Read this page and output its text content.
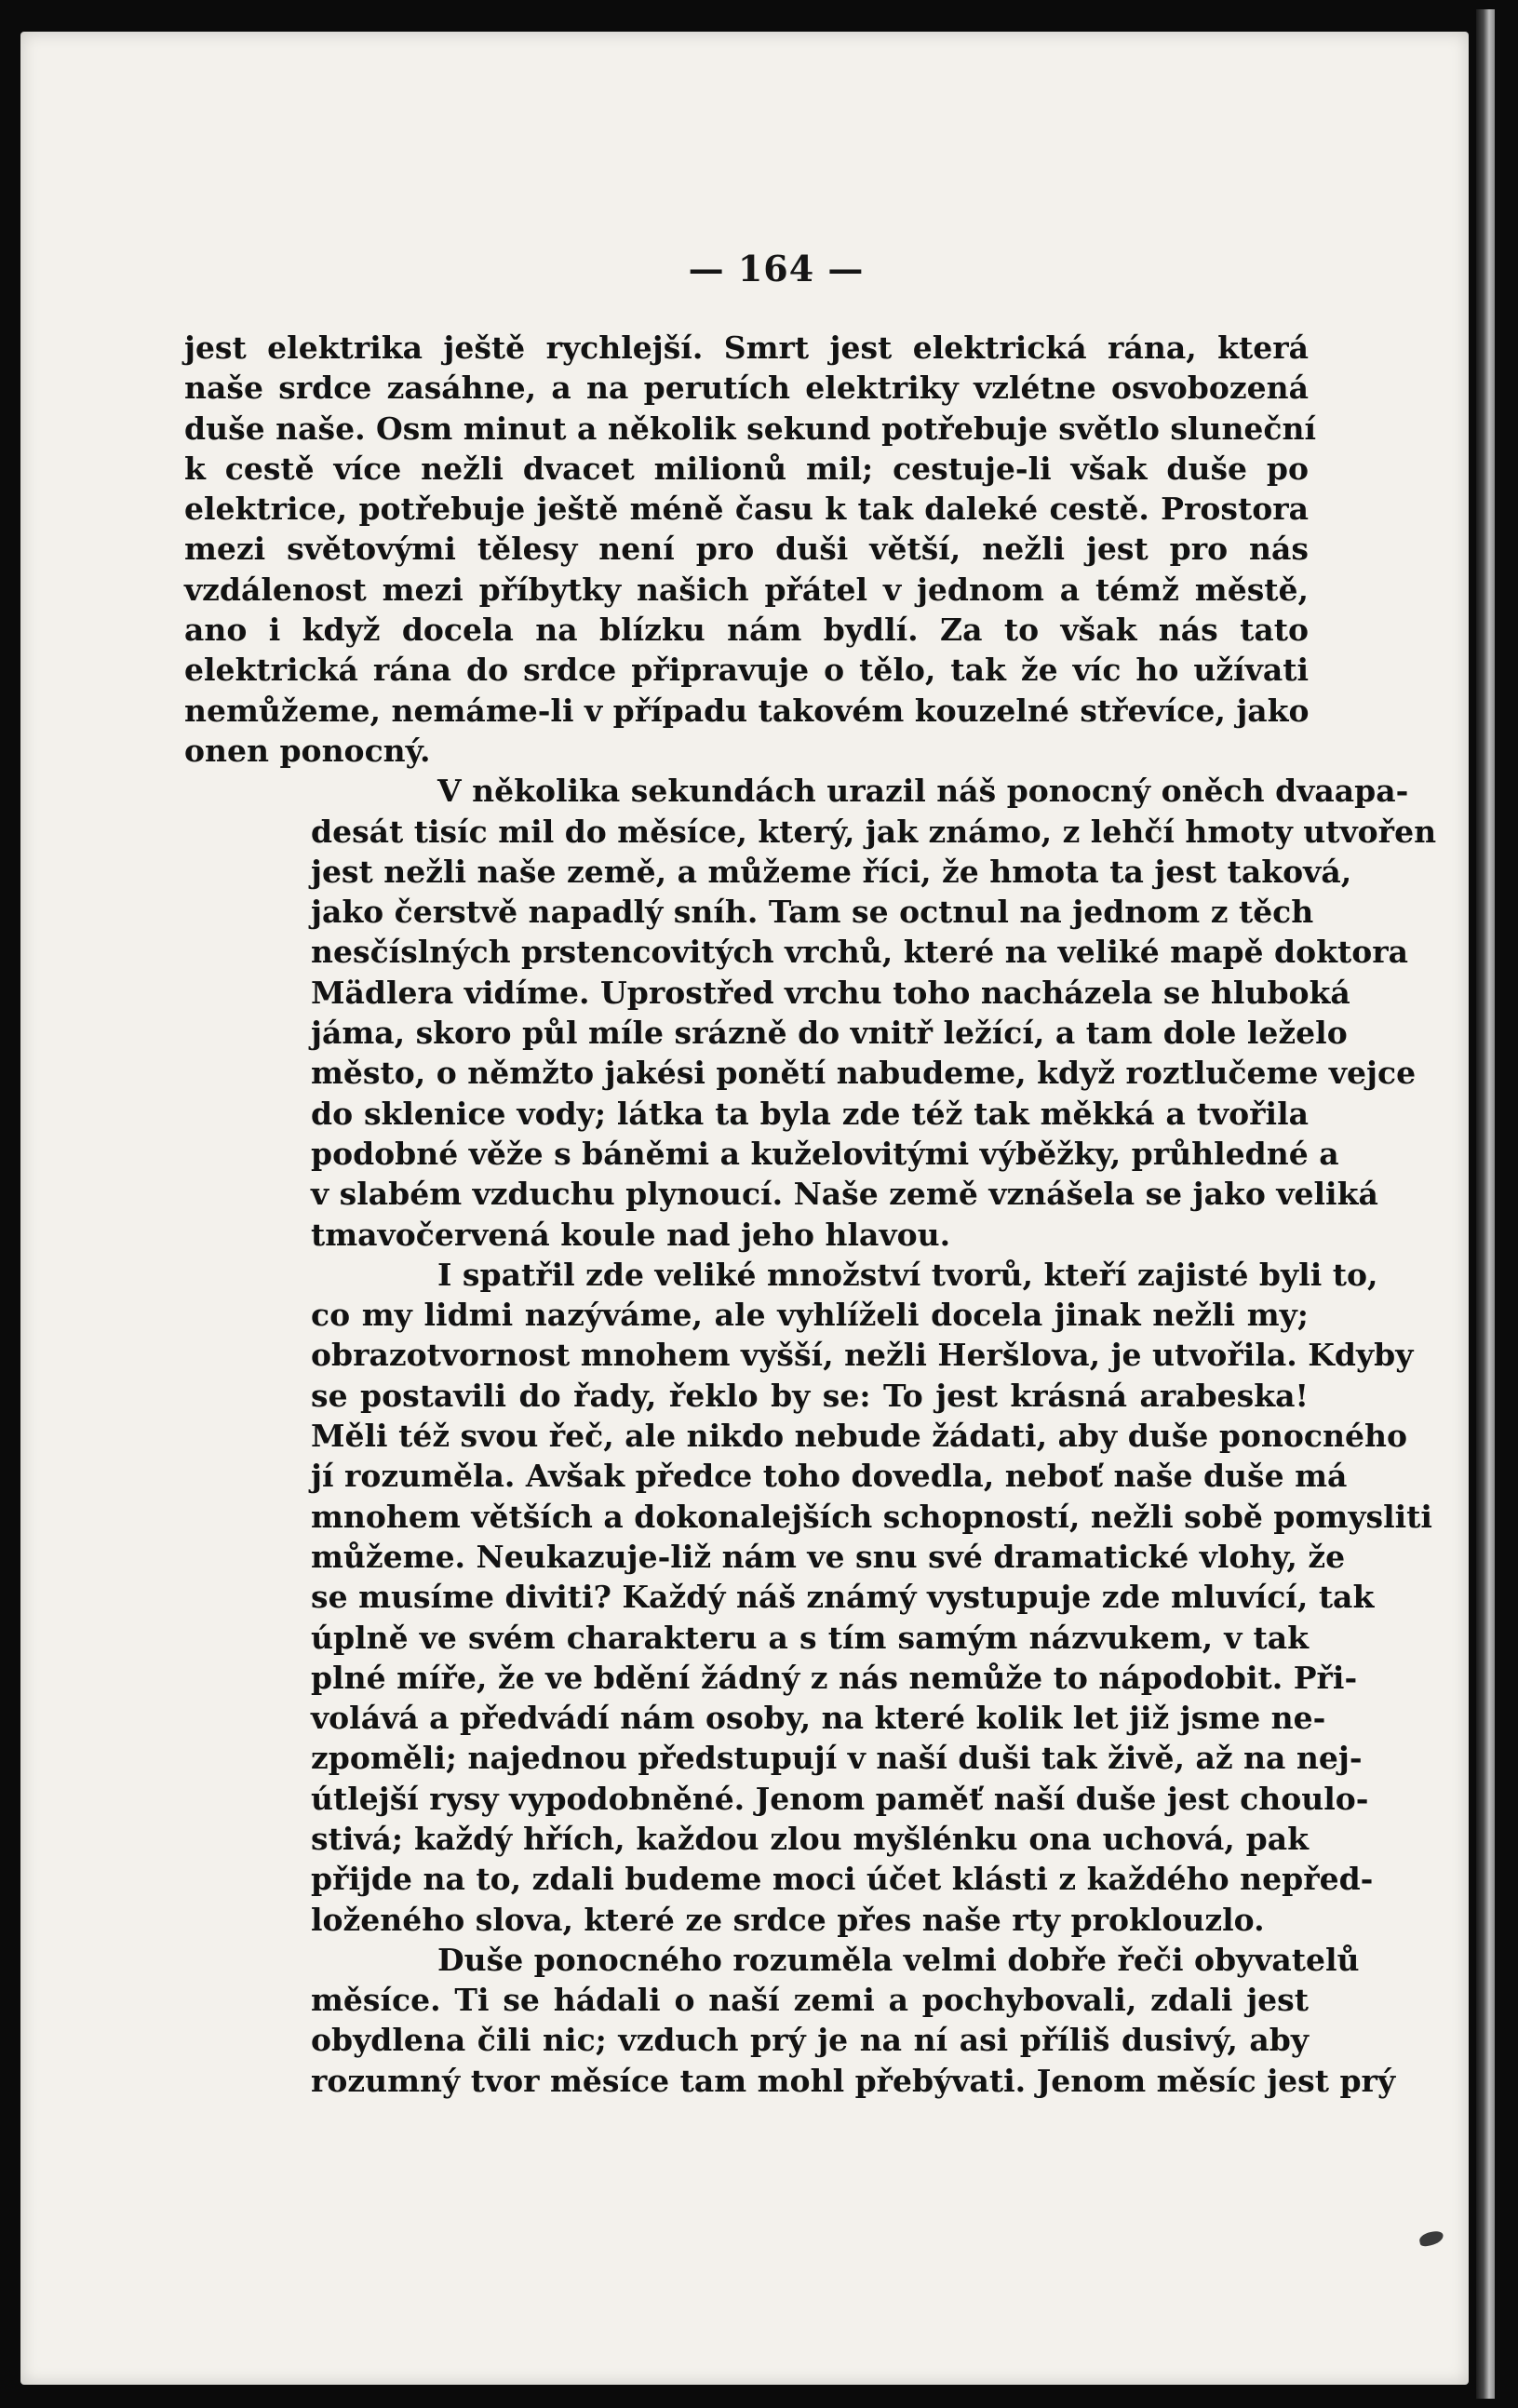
— 164 —
jest elektrika ještě rychlejší. Smrt jest elektrická rána, která
naše srdce zasáhne, a na perutích elektriky vzlétne osvobozená
duše naše. Osm minut a několik sekund potřebuje světlo sluneční
k cestě více nežli dvacet milionů mil; cestuje-li však duše po
elektrice, potřebuje ještě méně času k tak daleké cestě. Prostora
mezi světovými tělesy není pro duši větší, nežli jest pro nás
vzdálenost mezi příbytky našich přátel v jednom a témž městě,
ano i když docela na blízku nám bydlí. Za to však nás tato
elektrická rána do srdce připravuje o tělo, tak že víc ho užívati
nemůžeme, nemáme-li v případu takovém kouzelné střevíce, jako
onen ponocný.
V několika sekundách urazil náš ponocný oněch dvaapa-
desát tisíc mil do měsíce, který, jak známo, z lehčí hmoty utvořen
jest nežli naše země, a můžeme říci, že hmota ta jest taková,
jako čerstvě napadlý sníh. Tam se octnul na jednom z těch
nesčíslných prstencovitých vrchů, které na veliké mapě doktora
Mädlera vidíme. Uprostřed vrchu toho nacházela se hluboká
jáma, skoro půl míle srázně do vnitř ležící, a tam dole leželo
město, o němžto jakési ponětí nabudeme, když roztlučeme vejce
do sklenice vody; látka ta byla zde též tak měkká a tvořila
podobné věže s báněmi a kuželovitými výběžky, průhledné a
v slabém vzduchu plynoucí. Naše země vznášela se jako veliká
tmavočervená koule nad jeho hlavou.
I spatřil zde veliké množství tvorů, kteří zajisté byli to,
co my lidmi nazýváme, ale vyhlíželi docela jinak nežli my;
obrazotvornost mnohem vyšší, nežli Heršlova, je utvořila. Kdyby
se postavili do řady, řeklo by se: To jest krásná arabeska!
Měli též svou řeč, ale nikdo nebude žádati, aby duše ponocného
jí rozuměla. Avšak předce toho dovedla, neboť naše duše má
mnohem větších a dokonalejších schopností, nežli sobě pomysliti
můžeme. Neukazuje-liž nám ve snu své dramatické vlohy, že
se musíme diviti? Každý náš známý vystupuje zde mluvící, tak
úplně ve svém charakteru a s tím samým názvukem, v tak
plné míře, že ve bdění žádný z nás nemůže to nápodobit. Při-
volává a předvádí nám osoby, na které kolik let již jsme ne-
zpoměli; najednou předstupují v naší duši tak živě, až na nej-
útlejší rysy vypodobněné. Jenom paměť naší duše jest choulo-
stivá; každý hřích, každou zlou myšlénku ona uchová, pak
přijde na to, zdali budeme moci účet klásti z každého nepřed-
loženého slova, které ze srdce přes naše rty proklouzlo.
Duše ponocného rozuměla velmi dobře řeči obyvatelů
měsíce. Ti se hádali o naší zemi a pochybovali, zdali jest
obydlena čili nic; vzduch prý je na ní asi příliš dusivý, aby
rozumný tvor měsíce tam mohl přebývati. Jenom měsíc jest prý
